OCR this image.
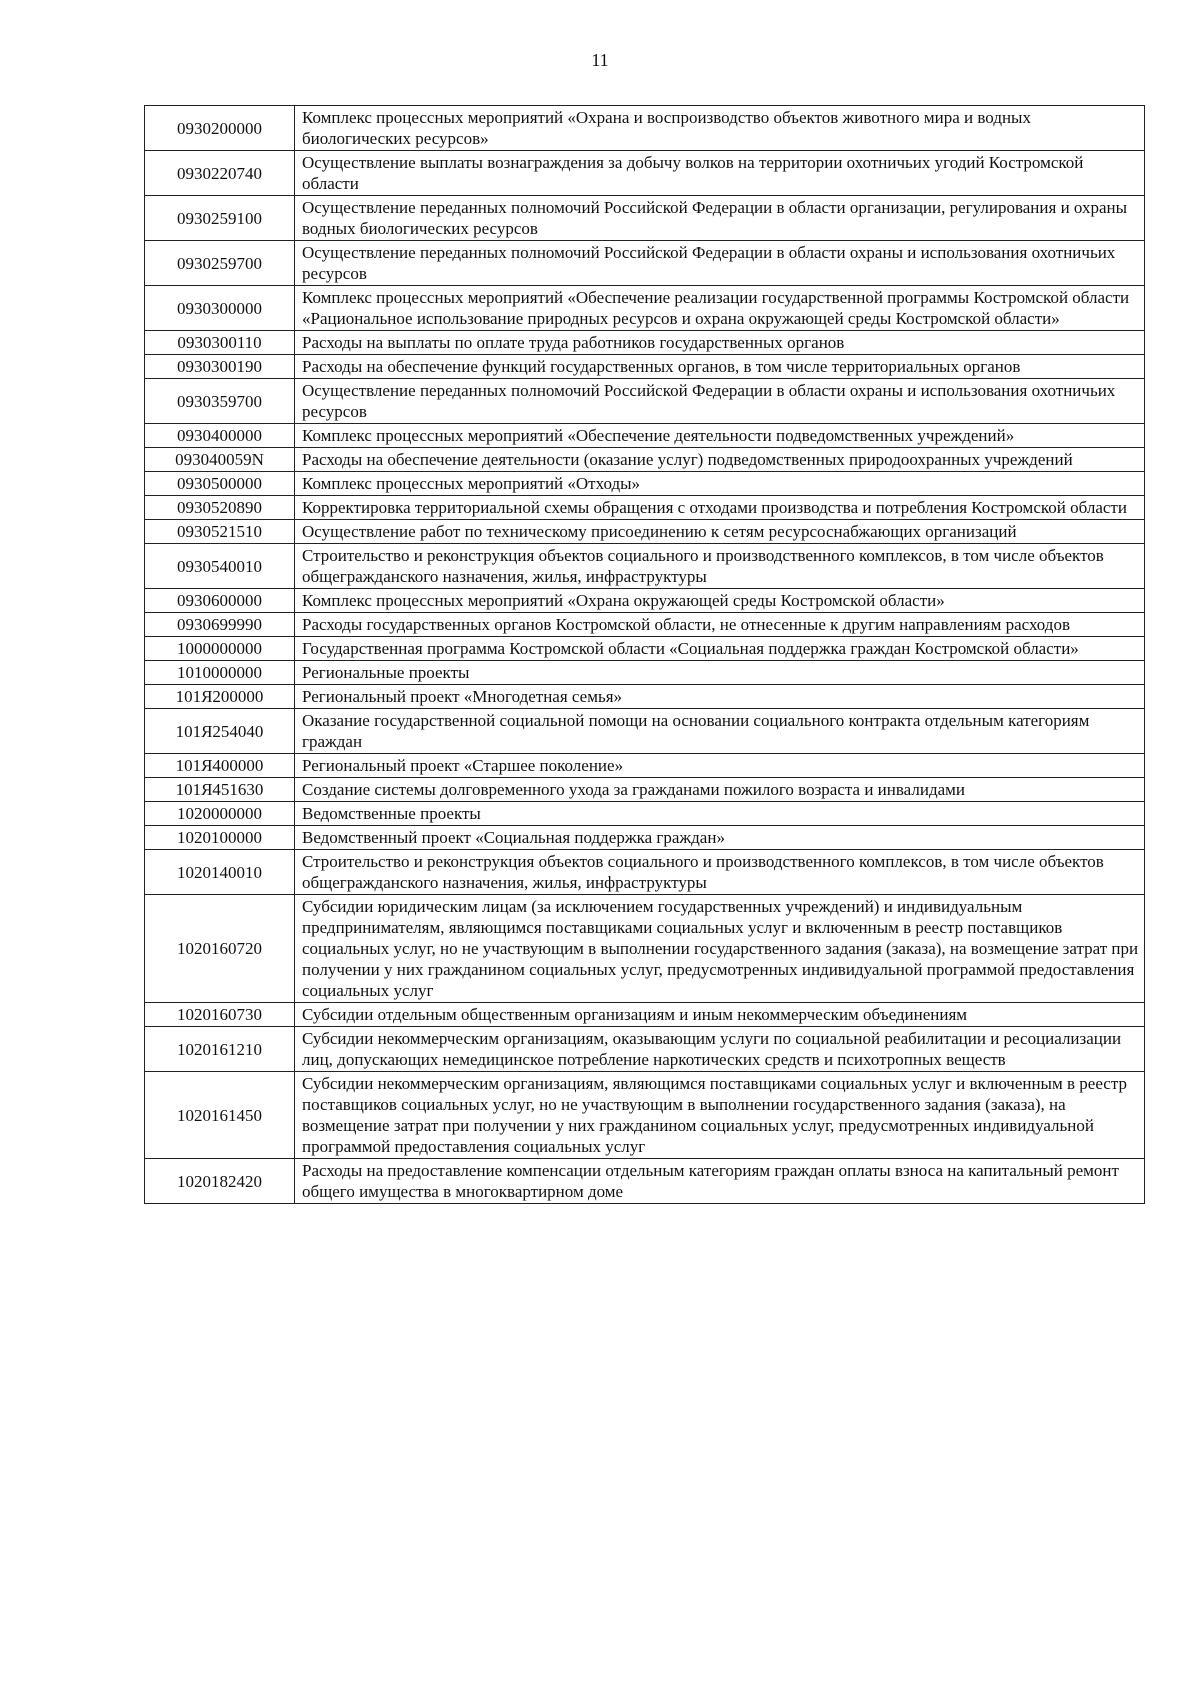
11
0930200000	Комплекс процессных мероприятий «Охрана и воспроизводство объектов животного мира и водных биологических ресурсов»
0930220740	Осуществление выплаты вознаграждения за добычу волков на территории охотничьих угодий Костромской области
0930259100	Осуществление переданных полномочий Российской Федерации в области организации, регулирования и охраны водных биологических ресурсов
0930259700	Осуществление переданных полномочий Российской Федерации в области охраны и использования охотничьих ресурсов
0930300000	Комплекс процессных мероприятий «Обеспечение реализации государственной программы Костромской области «Рациональное использование природных ресурсов и охрана окружающей среды Костромской области»
0930300110	Расходы на выплаты по оплате труда работников государственных органов
0930300190	Расходы на обеспечение функций государственных органов, в том числе территориальных органов
0930359700	Осуществление переданных полномочий Российской Федерации в области охраны и использования охотничьих ресурсов
0930400000	Комплекс процессных мероприятий «Обеспечение деятельности подведомственных учреждений»
093040059N	Расходы на обеспечение деятельности (оказание услуг) подведомственных природоохранных учреждений
0930500000	Комплекс процессных мероприятий «Отходы»
0930520890	Корректировка территориальной схемы обращения с отходами производства и потребления Костромской области
0930521510	Осуществление работ по техническому присоединению к сетям ресурсоснабжающих организаций
0930540010	Строительство и реконструкция объектов социального и производственного комплексов, в том числе объектов общегражданского назначения, жилья, инфраструктуры
0930600000	Комплекс процессных мероприятий «Охрана окружающей среды Костромской области»
0930699990	Расходы государственных органов Костромской области, не отнесенные к другим направлениям расходов
1000000000	Государственная программа Костромской области «Социальная поддержка граждан Костромской области»
1010000000	Региональные проекты
101Я200000	Региональный проект «Многодетная семья»
101Я254040	Оказание государственной социальной помощи на основании социального контракта отдельным категориям граждан
101Я400000	Региональный проект «Старшее поколение»
101Я451630	Создание системы долговременного ухода за гражданами пожилого возраста и инвалидами
1020000000	Ведомственные проекты
1020100000	Ведомственный проект «Социальная поддержка граждан»
1020140010	Строительство и реконструкция объектов социального и производственного комплексов, в том числе объектов общегражданского назначения, жилья, инфраструктуры
1020160720	Субсидии юридическим лицам (за исключением государственных учреждений) и индивидуальным предпринимателям, являющимся поставщиками социальных услуг и включенным в реестр поставщиков социальных услуг, но не участвующим в выполнении государственного задания (заказа), на возмещение затрат при получении у них гражданином социальных услуг, предусмотренных индивидуальной программой предоставления социальных услуг
1020160730	Субсидии отдельным общественным организациям и иным некоммерческим объединениям
1020161210	Субсидии некоммерческим организациям, оказывающим услуги по социальной реабилитации и ресоциализации лиц, допускающих немедицинское потребление наркотических средств и психотропных веществ
1020161450	Субсидии некоммерческим организациям, являющимся поставщиками социальных услуг и включенным в реестр поставщиков социальных услуг, но не участвующим в выполнении государственного задания (заказа), на возмещение затрат при получении у них гражданином социальных услуг, предусмотренных индивидуальной программой предоставления социальных услуг
1020182420	Расходы на предоставление компенсации отдельным категориям граждан оплаты взноса на капитальный ремонт общего имущества в многоквартирном доме
